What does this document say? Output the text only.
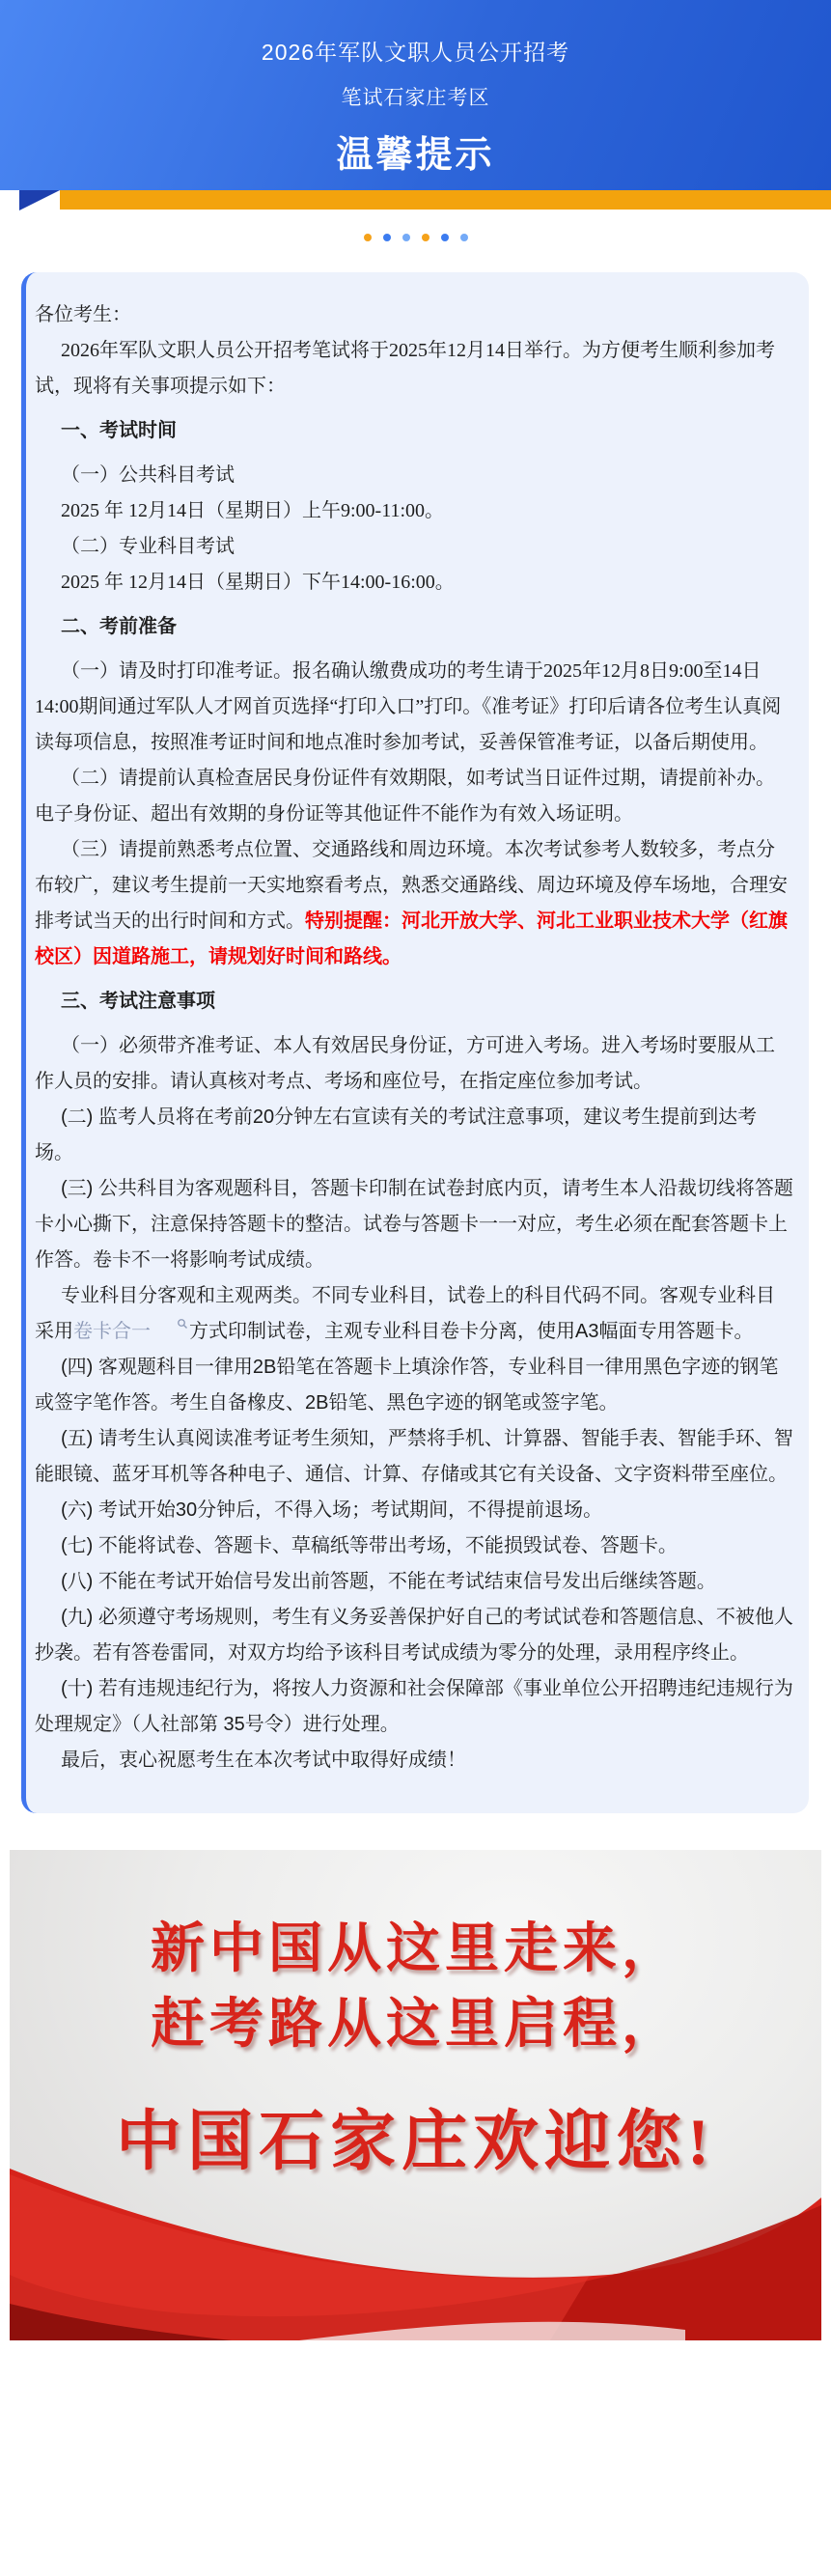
2026年军队文职人员公开招考
笔试石家庄考区
温馨提示

各位考生：

2026年军队文职人员公开招考笔试将于2025年12月14日举行。为方便考生顺利参加考试，现将有关事项提示如下：

一、考试时间

（一）公共科目考试

2025 年 12月14日（星期日）上午9:00-11:00。

（二）专业科目考试

2025 年 12月14日（星期日）下午14:00-16:00。

二、考前准备

（一）请及时打印准考证。报名确认缴费成功的考生请于2025年12月8日9:00至14日14:00期间通过军队人才网首页选择“打印入口”打印。《准考证》打印后请各位考生认真阅读每项信息，按照准考证时间和地点准时参加考试，妥善保管准考证，以备后期使用。

（二）请提前认真检查居民身份证件有效期限，如考试当日证件过期，请提前补办。电子身份证、超出有效期的身份证等其他证件不能作为有效入场证明。

（三）请提前熟悉考点位置、交通路线和周边环境。本次考试参考人数较多，考点分布较广，建议考生提前一天实地察看考点，熟悉交通路线、周边环境及停车场地，合理安排考试当天的出行时间和方式。特别提醒：河北开放大学、河北工业职业技术大学（红旗校区）因道路施工，请规划好时间和路线。

三、考试注意事项

（一）必须带齐准考证、本人有效居民身份证，方可进入考场。进入考场时要服从工作人员的安排。请认真核对考点、考场和座位号，在指定座位参加考试。

(二) 监考人员将在考前20分钟左右宣读有关的考试注意事项，建议考生提前到达考场。

(三) 公共科目为客观题科目，答题卡印制在试卷封底内页，请考生本人沿裁切线将答题卡小心撕下，注意保持答题卡的整洁。试卷与答题卡一一对应，考生必须在配套答题卡上作答。卷卡不一将影响考试成绩。

专业科目分客观和主观两类。不同专业科目，试卷上的科目代码不同。客观专业科目采用卷卡合一 方式印制试卷，主观专业科目卷卡分离，使用A3幅面专用答题卡。

(四) 客观题科目一律用2B铅笔在答题卡上填涂作答，专业科目一律用黑色字迹的钢笔或签字笔作答。考生自备橡皮、2B铅笔、黑色字迹的钢笔或签字笔。

(五) 请考生认真阅读准考证考生须知，严禁将手机、计算器、智能手表、智能手环、智能眼镜、蓝牙耳机等各种电子、通信、计算、存储或其它有关设备、文字资料带至座位。

(六) 考试开始30分钟后，不得入场；考试期间，不得提前退场。

(七) 不能将试卷、答题卡、草稿纸等带出考场，不能损毁试卷、答题卡。

(八) 不能在考试开始信号发出前答题，不能在考试结束信号发出后继续答题。

(九) 必须遵守考场规则，考生有义务妥善保护好自己的考试试卷和答题信息、不被他人抄袭。若有答卷雷同，对双方均给予该科目考试成绩为零分的处理，录用程序终止。

(十) 若有违规违纪行为，将按人力资源和社会保障部《事业单位公开招聘违纪违规行为处理规定》（人社部第 35号令）进行处理。

最后，衷心祝愿考生在本次考试中取得好成绩！

新中国从这里走来，
赶考路从这里启程，
中国石家庄欢迎您!
